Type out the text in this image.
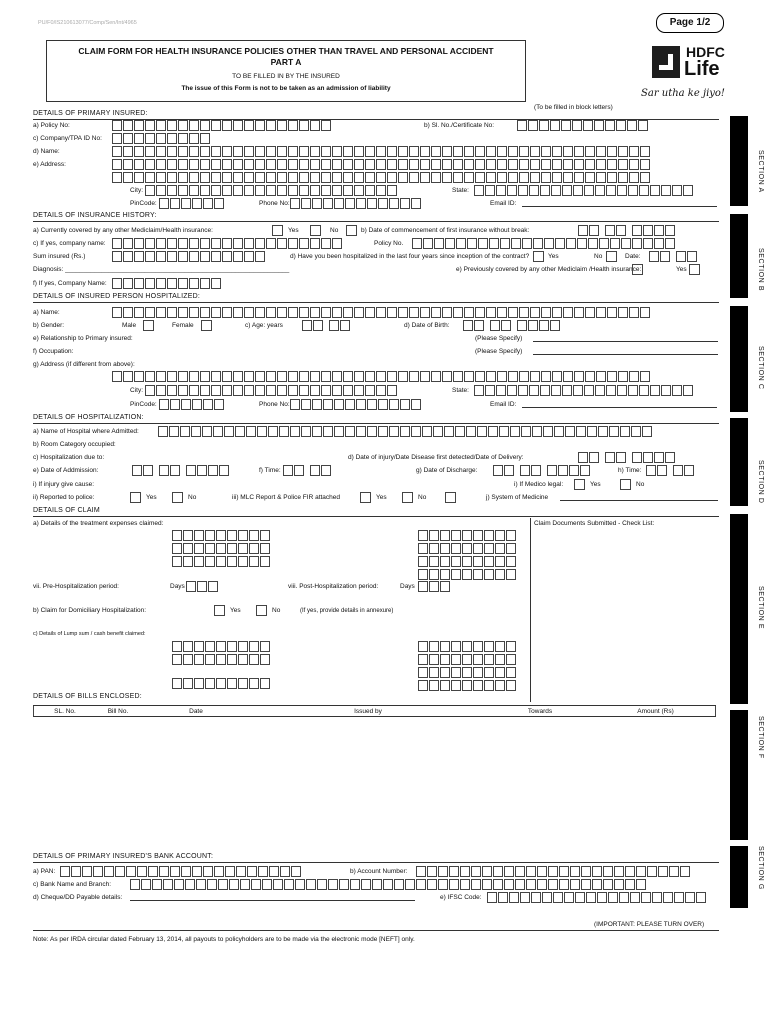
PU/F0/IS210613077/Comp/Sen/Int/4965	Page 1/2
CLAIM FORM FOR HEALTH INSURANCE POLICIES OTHER THAN TRAVEL AND PERSONAL ACCIDENT
PART A
TO BE FILLED IN BY THE INSURED
The issue of this Form is not to be taken as an admission of liability
HDFC
Life
Sar utha ke jiyo!
(To be filled in block letters)
SECTION A
SECTION B
SECTION C
SECTION D
SECTION E
SECTION F
SECTION G
DETAILS OF PRIMARY INSURED:
a) Policy No:	b) Sl. No./Certificate No:
c) Company/TPA ID No:
d) Name:
e) Address:
City:	State:
PinCode:	Phone No:	Email ID:
DETAILS OF INSURANCE HISTORY:
a) Currently covered by any other Mediclaim/Health insurance:	Yes	No	b) Date of commencement of first insurance without break:
c) If yes, company name:	Policy No.
Sum insured (Rs.)	d) Have you been hospitalized in the last four years since inception of the contract?	Yes	No	Date:
Diagnosis: ______________________________________________________________	e) Previously covered by any other Mediclaim /Health insurance:	Yes
f) If yes, Company Name:
DETAILS OF INSURED PERSON HOSPITALIZED:
a) Name:
b) Gender:	Male	Female	c) Age: years	d) Date of Birth:
e) Relationship to Primary insured:
f) Occupation:
(Please Specify)
(Please Specify)
g) Address (if different from above):
City:	State:
PinCode:	Phone No:	Email ID:
DETAILS OF HOSPITALIZATION:
a) Name of Hospital where Admitted:
b) Room Category occupied:
c) Hospitalization due to:	d) Date of injury/Date Disease first detected/Date of Delivery:
e) Date of Addmission:	f) Time:	g) Date of Discharge:	h) Time:
i) If injury give cause:	i) If Medico legal:	Yes	No
ii) Reported to police:	Yes	No	iii) MLC Report & Police FIR attached	Yes	No	j) System of Medicine
DETAILS OF CLAIM
a) Details of the treatment expenses claimed:	Claim Documents Submitted - Check List:
vii. Pre-Hospitalization period:	Days	viii. Post-Hospitalization period:	Days
b) Claim for Domiciliary Hospitalization:	Yes	No	(If yes, provide details in annexure)
c) Details of Lump sum / cash benefit claimed:
DETAILS OF BILLS ENCLOSED:
SL. No.	Bill No.	Date	Issued by	Towards	Amount (Rs)
DETAILS OF PRIMARY INSURED'S BANK ACCOUNT:
a) PAN:	b) Account Number:
c) Bank Name and Branch:
d) Cheque/DD Payable details:	e) IFSC Code:
(IMPORTANT: PLEASE TURN OVER)
Note: As per IRDA circular dated February 13, 2014, all payouts to policyholders are to be made via the electronic mode [NEFT] only.
